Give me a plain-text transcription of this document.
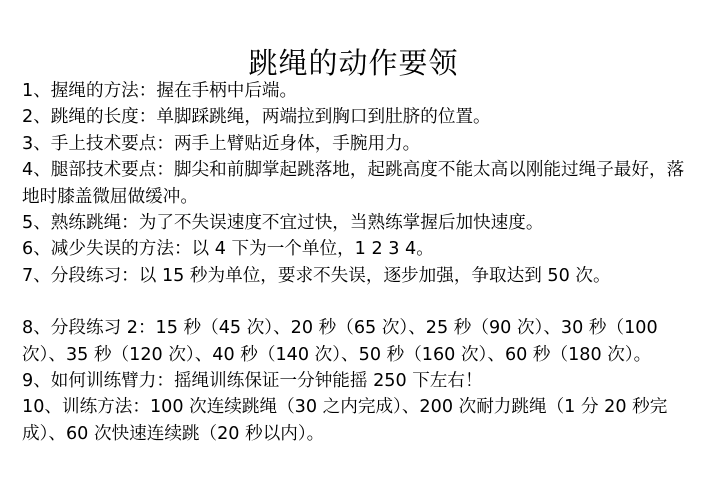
跳绳的动作要领

1、握绳的方法：握在手柄中后端。

2、跳绳的长度：单脚踩跳绳，两端拉到胸口到肚脐的位置。

3、手上技术要点：两手上臂贴近身体，手腕用力。

4、腿部技术要点：脚尖和前脚掌起跳落地，起跳高度不能太高以刚能过绳子最好，落地时膝盖微屈做缓冲。

5、熟练跳绳：为了不失误速度不宜过快，当熟练掌握后加快速度。

6、减少失误的方法：以 4 下为一个单位，1 2 3 4。

7、分段练习：以 15 秒为单位，要求不失误，逐步加强，争取达到 50 次。

8、分段练习 2：15 秒（45 次）、20 秒（65 次）、25 秒（90 次）、30 秒（100 次）、35 秒（120 次）、40 秒（140 次）、50 秒（160 次）、60 秒（180 次）。

9、如何训练臂力：摇绳训练保证一分钟能摇 250 下左右！

10、训练方法：100 次连续跳绳（30 之内完成）、200 次耐力跳绳（1 分 20 秒完成）、60 次快速连续跳（20 秒以内）。
